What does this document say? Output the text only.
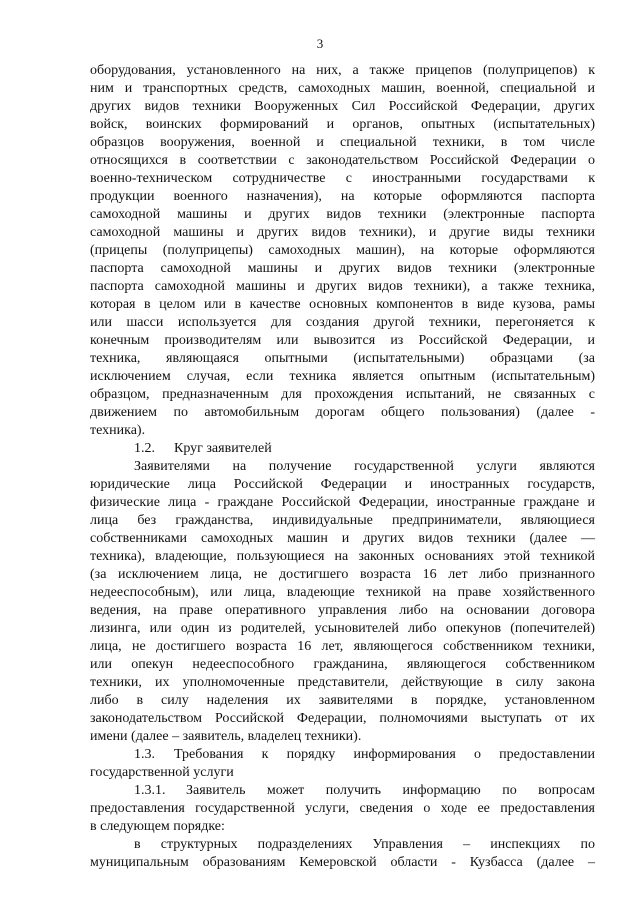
3

оборудования, установленного на них, а также прицепов (полуприцепов) к

ним и транспортных средств, самоходных машин, военной, специальной и

других видов техники Вооруженных Сил Российской Федерации, других

войск, воинских формирований и органов, опытных (испытательных)

образцов вооружения, военной и специальной техники, в том числе

относящихся в соответствии с законодательством Российской Федерации о

военно-техническом сотрудничестве с иностранными государствами к

продукции военного назначения), на которые оформляются паспорта

самоходной машины и других видов техники (электронные паспорта

самоходной машины и других видов техники), и другие виды техники

(прицепы (полуприцепы) самоходных машин), на которые оформляются

паспорта самоходной машины и других видов техники (электронные

паспорта самоходной машины и других видов техники), а также техника,

которая в целом или в качестве основных компонентов в виде кузова, рамы

или шасси используется для создания другой техники, перегоняется к

конечным производителям или вывозится из Российской Федерации, и

техника, являющаяся опытными (испытательными) образцами (за

исключением случая, если техника является опытным (испытательным)

образцом, предназначенным для прохождения испытаний, не связанных с

движением по автомобильным дорогам общего пользования) (далее -

техника).

1.2. Круг заявителей

Заявителями на получение государственной услуги являются

юридические лица Российской Федерации и иностранных государств,

физические лица - граждане Российской Федерации, иностранные граждане и

лица без гражданства, индивидуальные предприниматели, являющиеся

собственниками самоходных машин и других видов техники (далее —

техника), владеющие, пользующиеся на законных основаниях этой техникой

(за исключением лица, не достигшего возраста 16 лет либо признанного

недееспособным), или лица, владеющие техникой на праве хозяйственного

ведения, на праве оперативного управления либо на основании договора

лизинга, или один из родителей, усыновителей либо опекунов (попечителей)

лица, не достигшего возраста 16 лет, являющегося собственником техники,

или опекун недееспособного гражданина, являющегося собственником

техники, их уполномоченные представители, действующие в силу закона

либо в силу наделения их заявителями в порядке, установленном

законодательством Российской Федерации, полномочиями выступать от их

имени (далее – заявитель, владелец техники).

1.3. Требования к порядку информирования о предоставлении

государственной услуги

1.3.1. Заявитель может получить информацию по вопросам

предоставления государственной услуги, сведения о ходе ее предоставления

в следующем порядке:

в структурных подразделениях Управления – инспекциях по

муниципальным образованиям Кемеровской области - Кузбасса (далее –
